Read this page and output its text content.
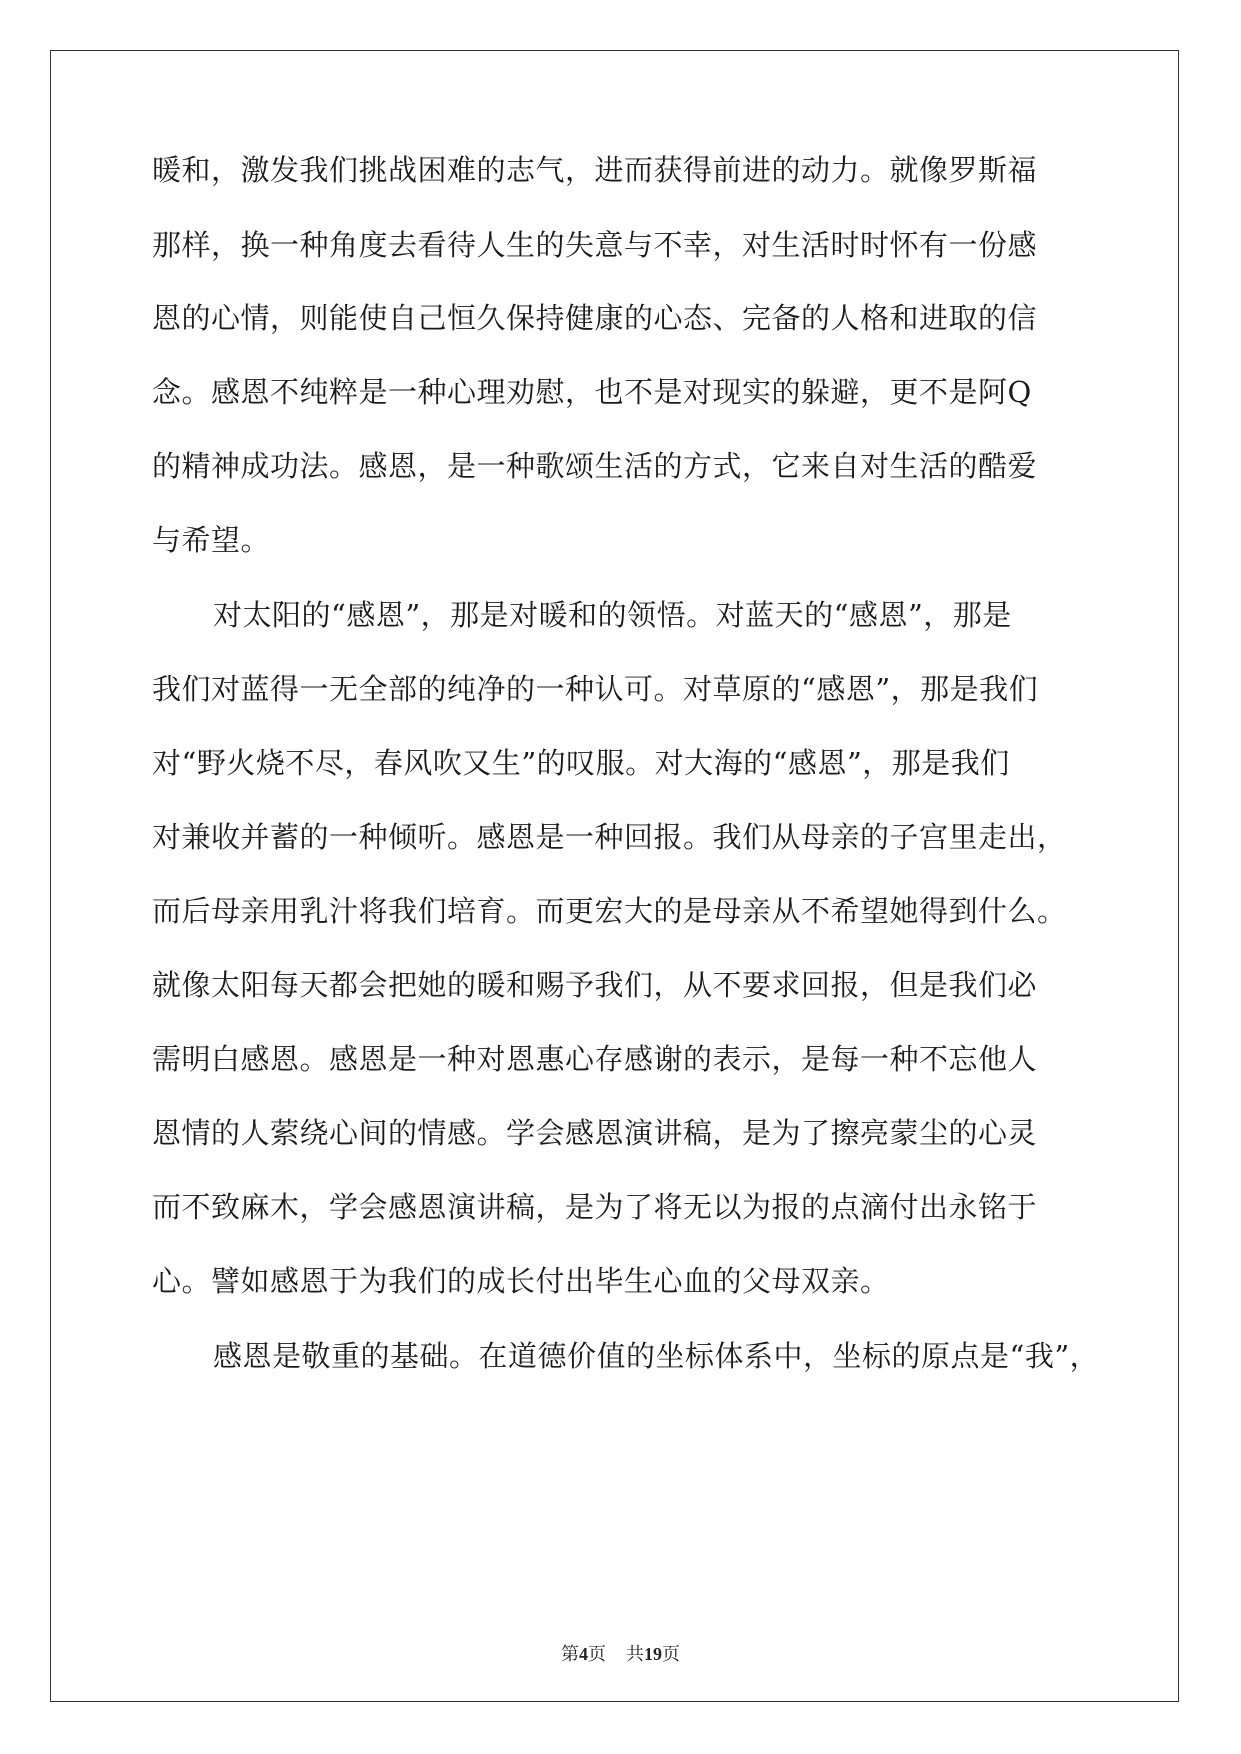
暖和，激发我们挑战困难的志气，进而获得前进的动力。就像罗斯福
那样，换一种角度去看待人生的失意与不幸，对生活时时怀有一份感
恩的心情，则能使自己恒久保持健康的心态、完备的人格和进取的信
念。感恩不纯粹是一种心理劝慰，也不是对现实的躲避，更不是阿Q
的精神成功法。感恩，是一种歌颂生活的方式，它来自对生活的酷爱
与希望。
对太阳的“感恩”，那是对暖和的领悟。对蓝天的“感恩”，那是
我们对蓝得一无全部的纯净的一种认可。对草原的“感恩”，那是我们
对“野火烧不尽，春风吹又生”的叹服。对大海的“感恩”，那是我们
对兼收并蓄的一种倾听。感恩是一种回报。我们从母亲的子宫里走出，
而后母亲用乳汁将我们培育。而更宏大的是母亲从不希望她得到什么。
就像太阳每天都会把她的暖和赐予我们，从不要求回报，但是我们必
需明白感恩。感恩是一种对恩惠心存感谢的表示，是每一种不忘他人
恩情的人萦绕心间的情感。学会感恩演讲稿，是为了擦亮蒙尘的心灵
而不致麻木，学会感恩演讲稿，是为了将无以为报的点滴付出永铭于
心。譬如感恩于为我们的成长付出毕生心血的父母双亲。
感恩是敬重的基础。在道德价值的坐标体系中，坐标的原点是“我”，
第4页 共19页
